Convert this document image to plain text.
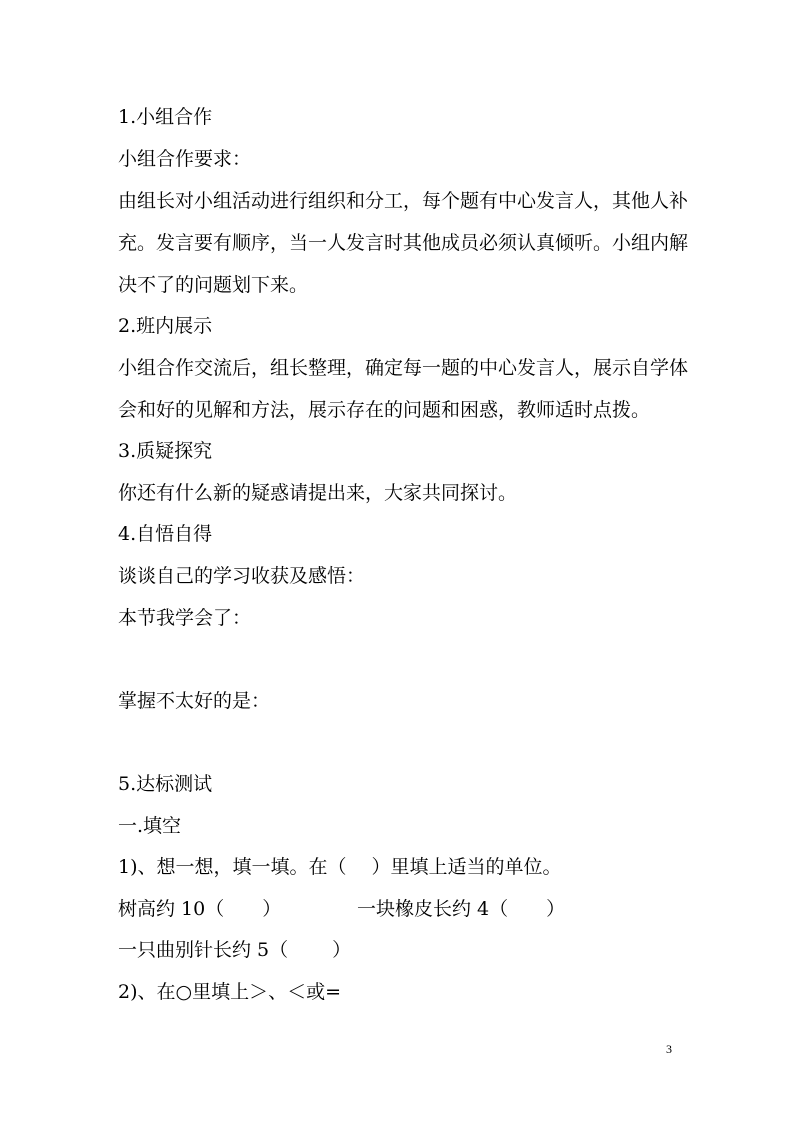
1.小组合作
小组合作要求：
由组长对小组活动进行组织和分工，每个题有中心发言人，其他人补
充。发言要有顺序，当一人发言时其他成员必须认真倾听。小组内解
决不了的问题划下来。
2.班内展示
小组合作交流后，组长整理，确定每一题的中心发言人，展示自学体
会和好的见解和方法，展示存在的问题和困惑，教师适时点拨。
3.质疑探究
你还有什么新的疑惑请提出来，大家共同探讨。
4.自悟自得
谈谈自己的学习收获及感悟：
本节我学会了：
掌握不太好的是：
5.达标测试
一.填空
1)、想一想，填一填。在（　 ）里填上适当的单位。
树高约 10（　　）	一块橡皮长约 4（　　）
一只曲别针长约 5（　　 ）
2)、在○里填上＞、＜或=
3
